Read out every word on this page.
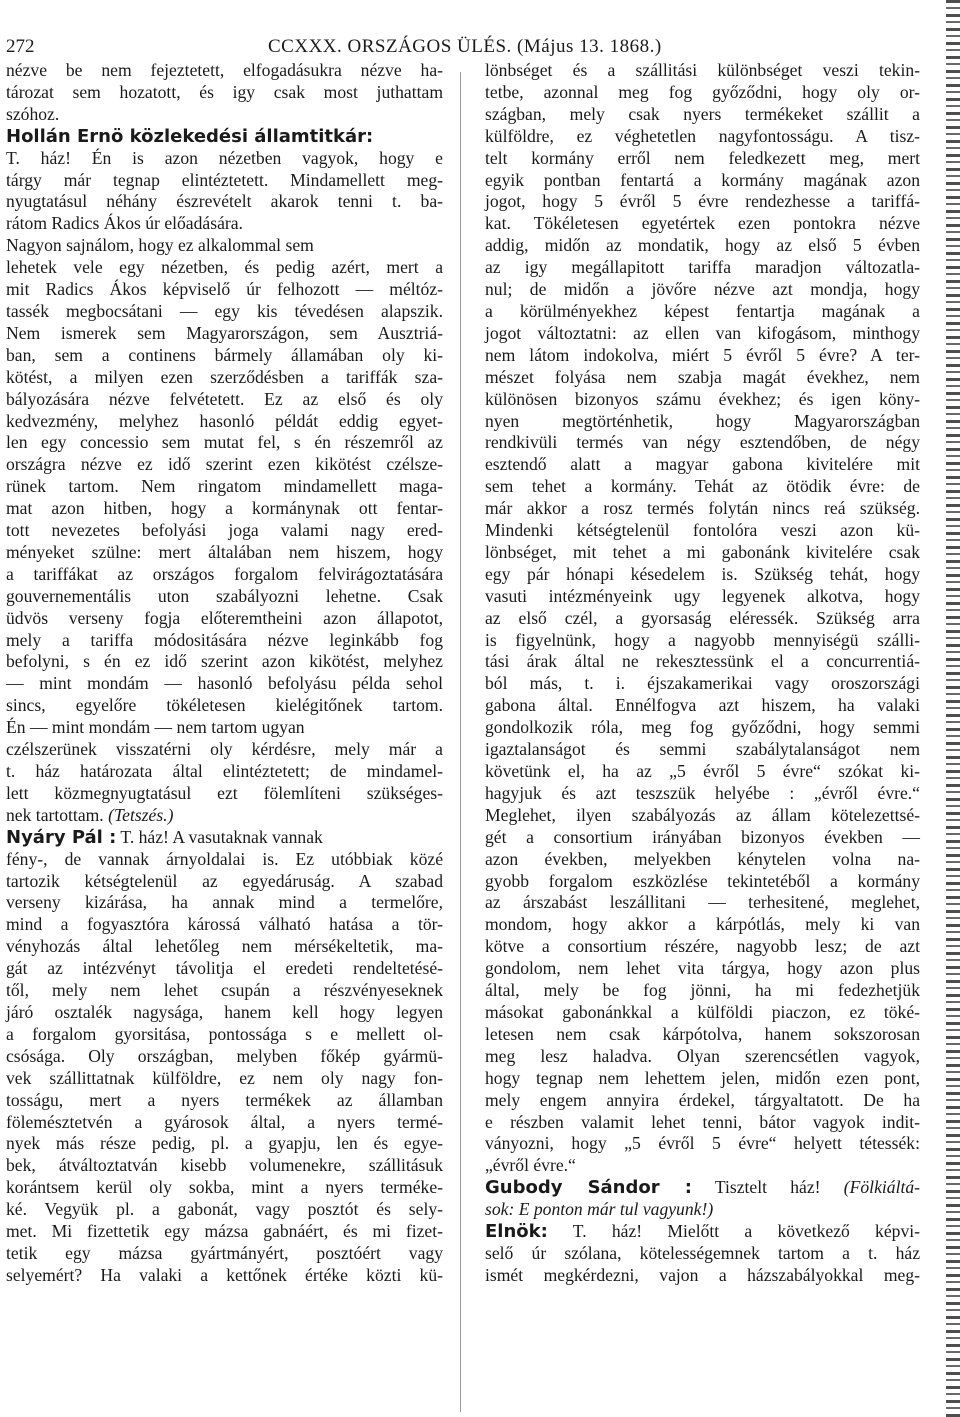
272	CCXXX. ORSZÁGOS ÜLÉS. (Május 13. 1868.)

nézve be nem fejeztetett, elfogadásukra nézve ha-

tározat sem hozatott, és igy csak most juthattam

szóhoz.

Hollán Ernö közlekedési államtitkár:

T. ház! Én is azon nézetben vagyok, hogy e

tárgy már tegnap elintéztetett. Mindamellett meg-

nyugtatásul néhány észrevételt akarok tenni t. ba-

rátom Radics Ákos úr előadására.

Nagyon sajnálom, hogy ez alkalommal sem

lehetek vele egy nézetben, és pedig azért, mert a

mit Radics Ákos képviselő úr felhozott — méltóz-

tassék megbocsátani — egy kis tévedésen alapszik.

Nem ismerek sem Magyarországon, sem Ausztriá-

ban, sem a continens bármely államában oly ki-

kötést, a milyen ezen szerződésben a tariffák sza-

bályozására nézve felvétetett. Ez az első és oly

kedvezmény, melyhez hasonló példát eddig egyet-

len egy concessio sem mutat fel, s én részemről az

országra nézve ez idő szerint ezen kikötést czélsze-

rünek tartom. Nem ringatom mindamellett maga-

mat azon hitben, hogy a kormánynak ott fentar-

tott nevezetes befolyási joga valami nagy ered-

ményeket szülne: mert általában nem hiszem, hogy

a tariffákat az országos forgalom felvirágoztatására

gouvernementális uton szabályozni lehetne. Csak

üdvös verseny fogja előteremtheini azon állapotot,

mely a tariffa módositására nézve leginkább fog

befolyni, s én ez idő szerint azon kikötést, melyhez

— mint mondám — hasonló befolyásu példa sehol

sincs, egyelőre tökéletesen kielégitőnek tartom.

Én — mint mondám — nem tartom ugyan

czélszerünek visszatérni oly kérdésre, mely már a

t. ház határozata által elintéztetett; de mindamel-

lett közmegnyugtatásul ezt fölemlíteni szükséges-

nek tartottam. (Tetszés.)

Nyáry Pál : T. ház! A vasutaknak vannak

fény-, de vannak árnyoldalai is. Ez utóbbiak közé

tartozik kétségtelenül az egyedáruság. A szabad

verseny kizárása, ha annak mind a termelőre,

mind a fogyasztóra károssá válható hatása a tör-

vényhozás által lehetőleg nem mérsékeltetik, ma-

gát az intézvényt távolitja el eredeti rendeltetésé-

től, mely nem lehet csupán a részvényeseknek

járó osztalék nagysága, hanem kell hogy legyen

a forgalom gyorsitása, pontossága s e mellett ol-

csósága. Oly országban, melyben főkép gyármü-

vek szállittatnak külföldre, ez nem oly nagy fon-

tosságu, mert a nyers termékek az államban

fölemésztetvén a gyárosok által, a nyers termé-

nyek más része pedig, pl. a gyapju, len és egye-

bek, átváltoztatván kisebb volumenekre, szállitásuk

korántsem kerül oly sokba, mint a nyers terméke-

ké. Vegyük pl. a gabonát, vagy posztót és sely-

met. Mi fizettetik egy mázsa gabnáért, és mi fizet-

tetik egy mázsa gyártmányért, posztóért vagy

selyemért? Ha valaki a kettőnek értéke közti kü-

lönbséget és a szállitási különbséget veszi tekin-

tetbe, azonnal meg fog győződni, hogy oly or-

szágban, mely csak nyers termékeket szállit a

külföldre, ez véghetetlen nagyfontosságu. A tisz-

telt kormány erről nem feledkezett meg, mert

egyik pontban fentartá a kormány magának azon

jogot, hogy 5 évről 5 évre rendezhesse a tariffá-

kat. Tökéletesen egyetértek ezen pontokra nézve

addig, midőn az mondatik, hogy az első 5 évben

az igy megállapitott tariffa maradjon változatla-

nul; de midőn a jövőre nézve azt mondja, hogy

a körülményekhez képest fentartja magának a

jogot változtatni: az ellen van kifogásom, minthogy

nem látom indokolva, miért 5 évről 5 évre? A ter-

mészet folyása nem szabja magát évekhez, nem

különösen bizonyos számu évekhez; és igen köny-

nyen megtörténhetik, hogy Magyarországban

rendkivüli termés van négy esztendőben, de négy

esztendő alatt a magyar gabona kivitelére mit

sem tehet a kormány. Tehát az ötödik évre: de

már akkor a rosz termés folytán nincs reá szükség.

Mindenki kétségtelenül fontolóra veszi azon kü-

lönbséget, mit tehet a mi gabonánk kivitelére csak

egy pár hónapi késedelem is. Szükség tehát, hogy

vasuti intézményeink ugy legyenek alkotva, hogy

az első czél, a gyorsaság eléressék. Szükség arra

is figyelnünk, hogy a nagyobb mennyiségü szálli-

tási árak által ne rekesztessünk el a concurrentiá-

ból más, t. i. éjszakamerikai vagy oroszországi

gabona által. Ennélfogva azt hiszem, ha valaki

gondolkozik róla, meg fog győződni, hogy semmi

igaztalanságot és semmi szabálytalanságot nem

követünk el, ha az „5 évről 5 évre“ szókat ki-

hagyjuk és azt teszszük helyébe : „évről évre.“

Meglehet, ilyen szabályozás az állam kötelezettsé-

gét a consortium irányában bizonyos években —

azon években, melyekben kénytelen volna na-

gyobb forgalom eszközlése tekintetéből a kormány

az árszabást leszállitani — terhesitené, meglehet,

mondom, hogy akkor a kárpótlás, mely ki van

kötve a consortium részére, nagyobb lesz; de azt

gondolom, nem lehet vita tárgya, hogy azon plus

által, mely be fog jönni, ha mi fedezhetjük

másokat gabonánkkal a külföldi piaczon, ez töké-

letesen nem csak kárpótolva, hanem sokszorosan

meg lesz haladva. Olyan szerencsétlen vagyok,

hogy tegnap nem lehettem jelen, midőn ezen pont,

mely engem annyira érdekel, tárgyaltatott. De ha

e részben valamit lehet tenni, bátor vagyok indit-

ványozni, hogy „5 évről 5 évre“ helyett tétessék:

„évről évre.“

Gubody Sándor : Tisztelt ház! (Fölkiáltá-

sok: E ponton már tul vagyunk!)

Elnök: T. ház! Mielőtt a következő képvi-

selő úr szólana, kötelességemnek tartom a t. ház

ismét megkérdezni, vajon a házszabályokkal meg-
